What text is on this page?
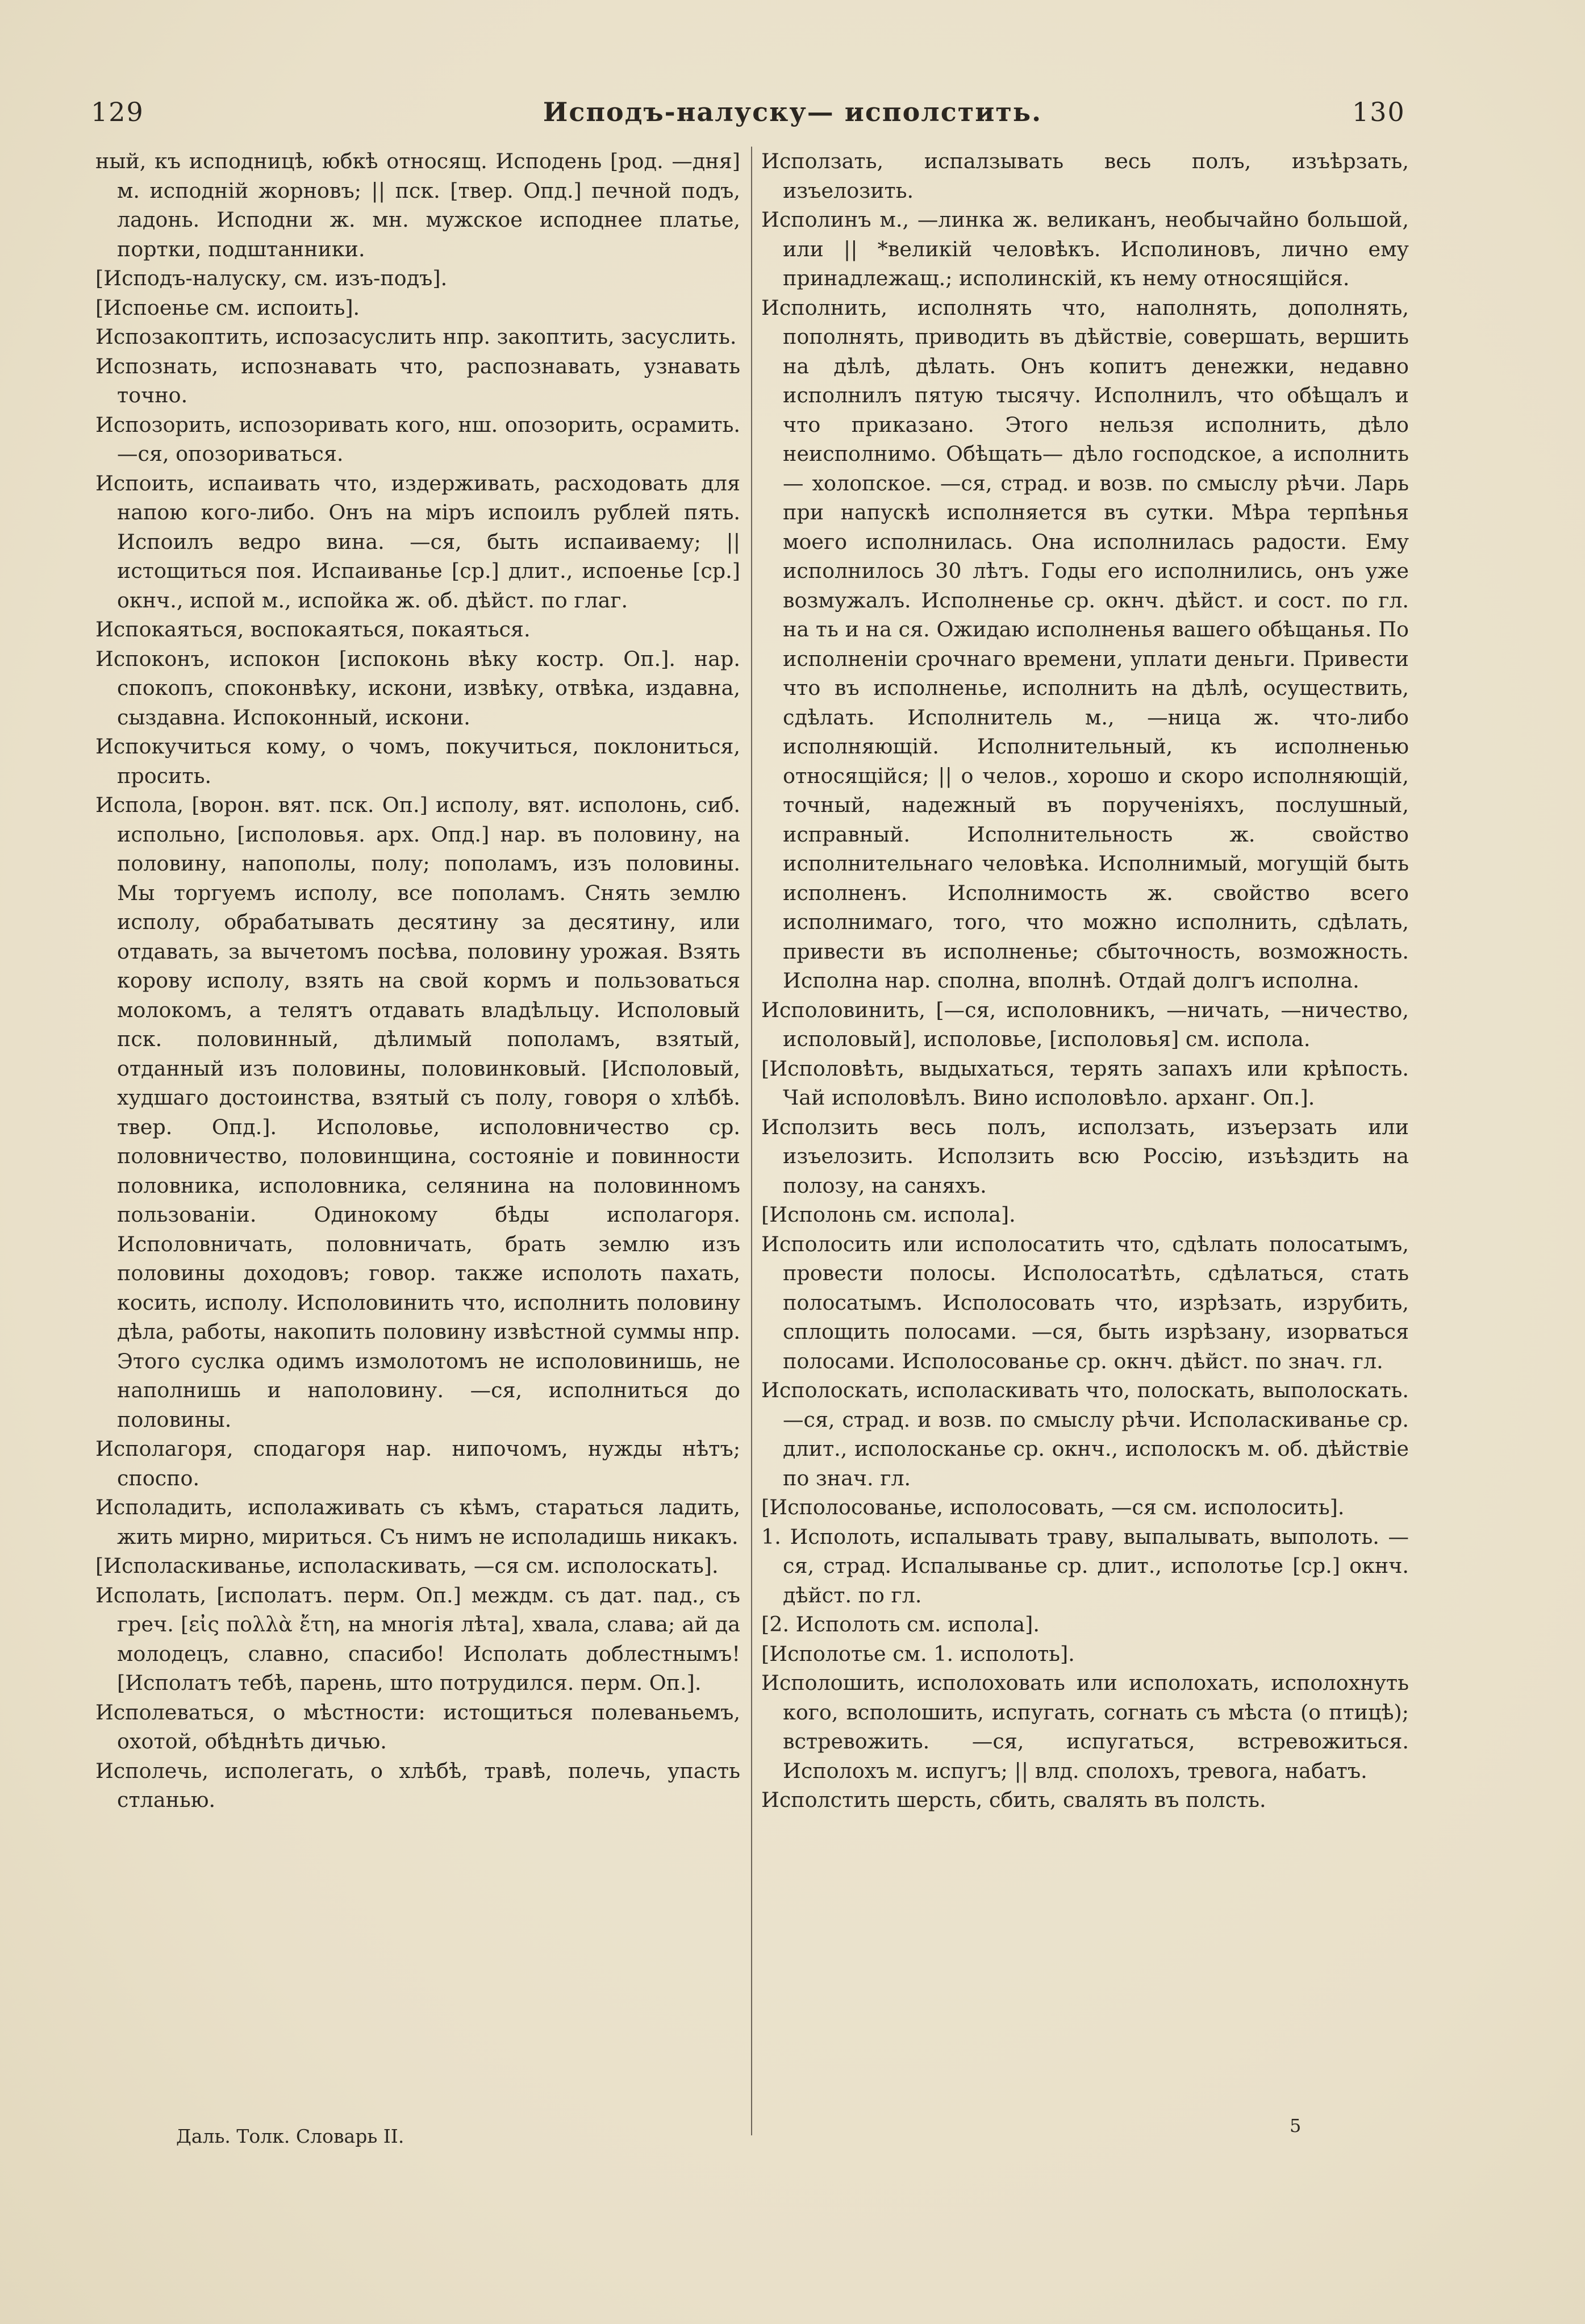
129	Исподъ-налуску— исполстить.	130

ный, къ исподницѣ, юбкѣ относящ. Исподень [род. —дня] м. исподній жорновъ; || пск. [твер. Опд.] печной подъ, ладонь. Исподни ж. мн. мужское исподнее платье, портки, подштанники.

[Исподъ-налуску, см. изъ-подъ].

[Испоенье см. испоить].

Испозакоптить, испозасуслить нпр. закоптить, засуслить.

Испознать, испознавать что, распознавать, узнавать точно.

Испозорить, испозоривать кого, нш. опозорить, осрамить. —ся, опозориваться.

Испоить, испаивать что, издерживать, расходовать для напою кого-либо. Онъ на міръ испоилъ рублей пять. Испоилъ ведро вина. —ся, быть испаиваему; || истощиться поя. Испаиванье [ср.] длит., испоенье [ср.] окнч., испой м., испойка ж. об. дѣйст. по глаг.

Испокаяться, воспокаяться, покаяться.

Испоконъ, испокон [испоконь вѣку костр. Оп.]. нар. спокопъ, споконвѣку, искони, извѣку, отвѣка, издавна, сыздавна. Испоконный, искони.

Испокучиться кому, о чомъ, покучиться, поклониться, просить.

Испола, [ворон. вят. пск. Оп.] исполу, вят. исполонь, сиб. испольно, [исполовья. арх. Опд.] нар. въ половину, на половину, напополы, полу; пополамъ, изъ половины. Мы торгуемъ исполу, все пополамъ. Снять землю исполу, обрабатывать десятину за десятину, или отдавать, за вычетомъ посѣва, половину урожая. Взять корову исполу, взять на свой кормъ и пользоваться молокомъ, а телятъ отдавать владѣльцу. Исполовый пск. половинный, дѣлимый пополамъ, взятый, отданный изъ половины, половинковый. [Исполовый, худшаго достоинства, взятый съ полу, говоря о хлѣбѣ. твер. Опд.]. Исполовье, исполовничество ср. половничество, половинщина, состояніе и повинности половника, исполовника, селянина на половинномъ пользованіи. Одинокому бѣды исполагоря. Исполовничать, половничать, брать землю изъ половины доходовъ; говор. также исполоть пахать, косить, исполу. Исполовинить что, исполнить половину дѣла, работы, накопить половину извѣстной суммы нпр. Этого суслка одимъ измолотомъ не исполовинишь, не наполнишь и наполовину. —ся, исполниться до половины.

Исполагоря, сподагоря нар. нипочомъ, нужды нѣтъ; споспо.

Исполадить, исполаживать съ кѣмъ, стараться ладить, жить мирно, мириться. Съ нимъ не исполадишь никакъ.

[Исполаскиванье, исполаскивать, —ся см. исполоскать].

Исполать, [исполатъ. перм. Оп.] междм. съ дат. пад., съ греч. [εἰς πολλὰ ἔτη, на многія лѣта], хвала, слава; ай да молодецъ, славно, спасибо! Исполать доблестнымъ! [Исполатъ тебѣ, парень, што потрудился. перм. Оп.].

Исполеваться, о мѣстности: истощиться полеваньемъ, охотой, обѣднѣть дичью.

Исполечь, исполегать, о хлѣбѣ, травѣ, полечь, упасть стланью.

Исползать, испалзывать весь полъ, изъѣрзать, изъелозить.

Исполинъ м., —линка ж. великанъ, необычайно большой, или || *великій человѣкъ. Исполиновъ, лично ему принадлежащ.; исполинскій, къ нему относящійся.

Исполнить, исполнять что, наполнять, дополнять, пополнять, приводить въ дѣйствіе, совершать, вершить на дѣлѣ, дѣлать. Онъ копитъ денежки, недавно исполнилъ пятую тысячу. Исполнилъ, что обѣщалъ и что приказано. Этого нельзя исполнить, дѣло неисполнимо. Обѣщать— дѣло господское, а исполнить — холопское. —ся, страд. и возв. по смыслу рѣчи. Ларь при напускѣ исполняется въ сутки. Мѣра терпѣнья моего исполнилась. Она исполнилась радости. Ему исполнилось 30 лѣтъ. Годы его исполнились, онъ уже возмужалъ. Исполненье ср. окнч. дѣйст. и сост. по гл. на ть и на ся. Ожидаю исполненья вашего обѣщанья. По исполненіи срочнаго времени, уплати деньги. Привести что въ исполненье, исполнить на дѣлѣ, осуществить, сдѣлать. Исполнитель м., —ница ж. что-либо исполняющій. Исполнительный, къ исполненью относящійся; || о челов., хорошо и скоро исполняющій, точный, надежный въ порученіяхъ, послушный, исправный. Исполнительность ж. свойство исполнительнаго человѣка. Исполнимый, могущій быть исполненъ. Исполнимость ж. свойство всего исполнимаго, того, что можно исполнить, сдѣлать, привести въ исполненье; сбыточность, возможность. Исполна нар. сполна, вполнѣ. Отдай долгъ исполна.

Исполовинить, [—ся, исполовникъ, —ничать, —ничество, исполовый], исполовье, [исполовья] см. испола.

[Исполовѣть, выдыхаться, терять запахъ или крѣпость. Чай исполовѣлъ. Вино исполовѣло. арханг. Оп.].

Исползить весь полъ, исползать, изъерзать или изъелозить. Исползить всю Россію, изъѣздить на полозу, на саняхъ.

[Исполонь см. испола].

Исполосить или исполосатить что, сдѣлать полосатымъ, провести полосы. Исполосатѣть, сдѣлаться, стать полосатымъ. Исполосовать что, изрѣзать, изрубить, сплощить полосами. —ся, быть изрѣзану, изорваться полосами. Исполосованье ср. окнч. дѣйст. по знач. гл.

Исполоскать, исполаскивать что, полоскать, выполоскать. —ся, страд. и возв. по смыслу рѣчи. Исполаскиванье ср. длит., исполосканье ср. окнч., исполоскъ м. об. дѣйствіе по знач. гл.

[Исполосованье, исполосовать, —ся см. исполосить].

1. Исполоть, испалывать траву, выпалывать, выполоть. —ся, страд. Испалыванье ср. длит., исполотье [ср.] окнч. дѣйст. по гл.

[2. Исполоть см. испола].

[Исполотье см. 1. исполоть].

Исполошить, исполоховать или исполохать, исполохнуть кого, всполошить, испугать, согнать съ мѣста (о птицѣ); встревожить. —ся, испугаться, встревожиться. Исполохъ м. испугъ; || влд. сполохъ, тревога, набатъ.

Исполстить шерсть, сбить, свалять въ полсть.

Даль. Толк. Словарь II.	5
